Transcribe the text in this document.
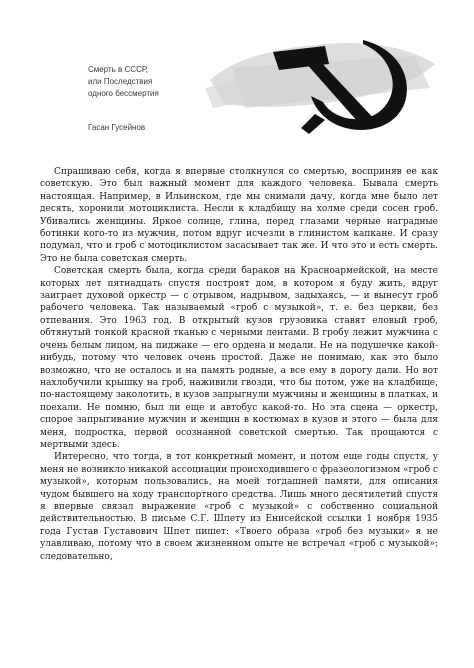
Смерть в СССР,

или Последствия

одного бессмертия

Гасан Гусейнов

Спрашиваю себя, когда я впервые столкнулся со смертью, восприняв ее как советскую. Это был важный момент для каждого человека. Бывала смерть настоящая. Например, в Ильинском, где мы снимали дачу, когда мне было лет десять, хоронили мотоциклиста. Несли к кладбищу на холме среди сосен гроб. Убивались женщины. Яркое солнце, глина, перед глазами черные наградные ботинки кого-то из мужчин, потом вдруг исчезли в глинистом капкане. И сразу подумал, что и гроб с мотоциклистом засасывает так же. И что это и есть смерть. Это не была советская смерть.

Советская смерть была, когда среди бараков на Красноармейской, на месте которых лет пятнадцать спустя построят дом, в котором я буду жить, вдруг заиграет духовой оркестр — с отрывом, надрывом, задыхаясь, — и вынесут гроб рабочего человека. Так называемый «гроб с музыкой», т. е. без церкви, без отпевания. Это 1963 год. В открытый кузов грузовика ставят еловый гроб, обтянутый тонкой красной тканью с черными лентами. В гробу лежит мужчина с очень белым лицом, на пиджаке — его ордена и медали. Не на подушечке какой-нибудь, потому что человек очень простой. Даже не понимаю, как это было возможно, что не осталось и на память родные, а все ему в дорогу дали. Но вот нахлобучили крышку на гроб, наживили гвозди, что бы потом, уже на кладбище, по-настоящему заколотить, в кузов запрыгнули мужчины и женщины в платках, и поехали. Не помню, был ли еще и автобус какой-то. Но эта сцена — оркестр, спорое запрыгивание мужчин и женщин в костюмах в кузов и этого — была для меня, подростка, первой осознанной советской смертью. Так прощаются с мертвыми здесь.

Интересно, что тогда, в тот конкретный момент, и потом еще годы спустя, у меня не возникло никакой ассоциации происходившего с фразеологизмом «гроб с музыкой», которым пользовались, на моей тогдашней памяти, для описания чудом бывшего на ходу транспортного средства. Лишь много десятилетий спустя я впервые связал выражение «гроб с музыкой» с собственно социальной действительностью. В письме С.Г. Шпету из Енисейской ссылки 1 ноября 1935 года Густав Густавович Шпет пишет: «Твоего образа «гроб без музыки» я не улавливаю, потому что в своем жизненном опыте не встречал «гроб с музыкой»; следовательно,
